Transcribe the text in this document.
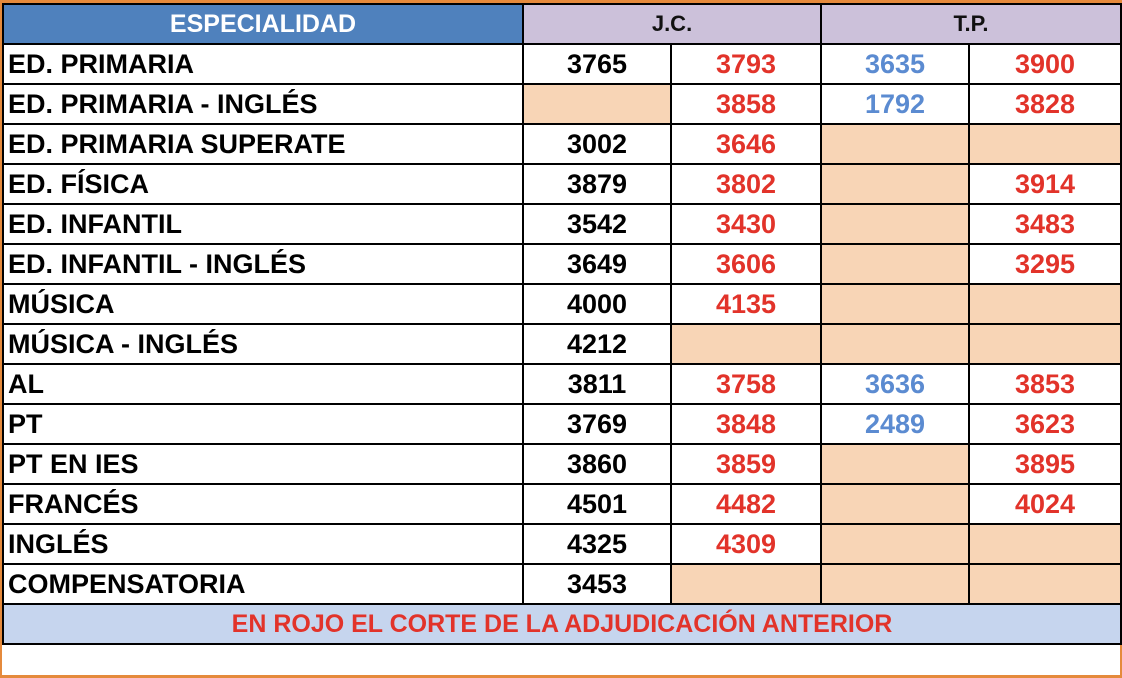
ESPECIALIDAD	J.C.		T.P.	
ED. PRIMARIA	3765	3793	3635	3900
ED. PRIMARIA - INGLÉS		3858	1792	3828
ED. PRIMARIA SUPERATE	3002	3646		
ED. FÍSICA	3879	3802		3914
ED. INFANTIL	3542	3430		3483
ED. INFANTIL - INGLÉS	3649	3606		3295
MÚSICA	4000	4135		
MÚSICA - INGLÉS	4212			
AL	3811	3758	3636	3853
PT	3769	3848	2489	3623
PT EN IES	3860	3859		3895
FRANCÉS	4501	4482		4024
INGLÉS	4325	4309		
COMPENSATORIA	3453			
EN ROJO EL CORTE DE LA ADJUDICACIÓN ANTERIOR				
